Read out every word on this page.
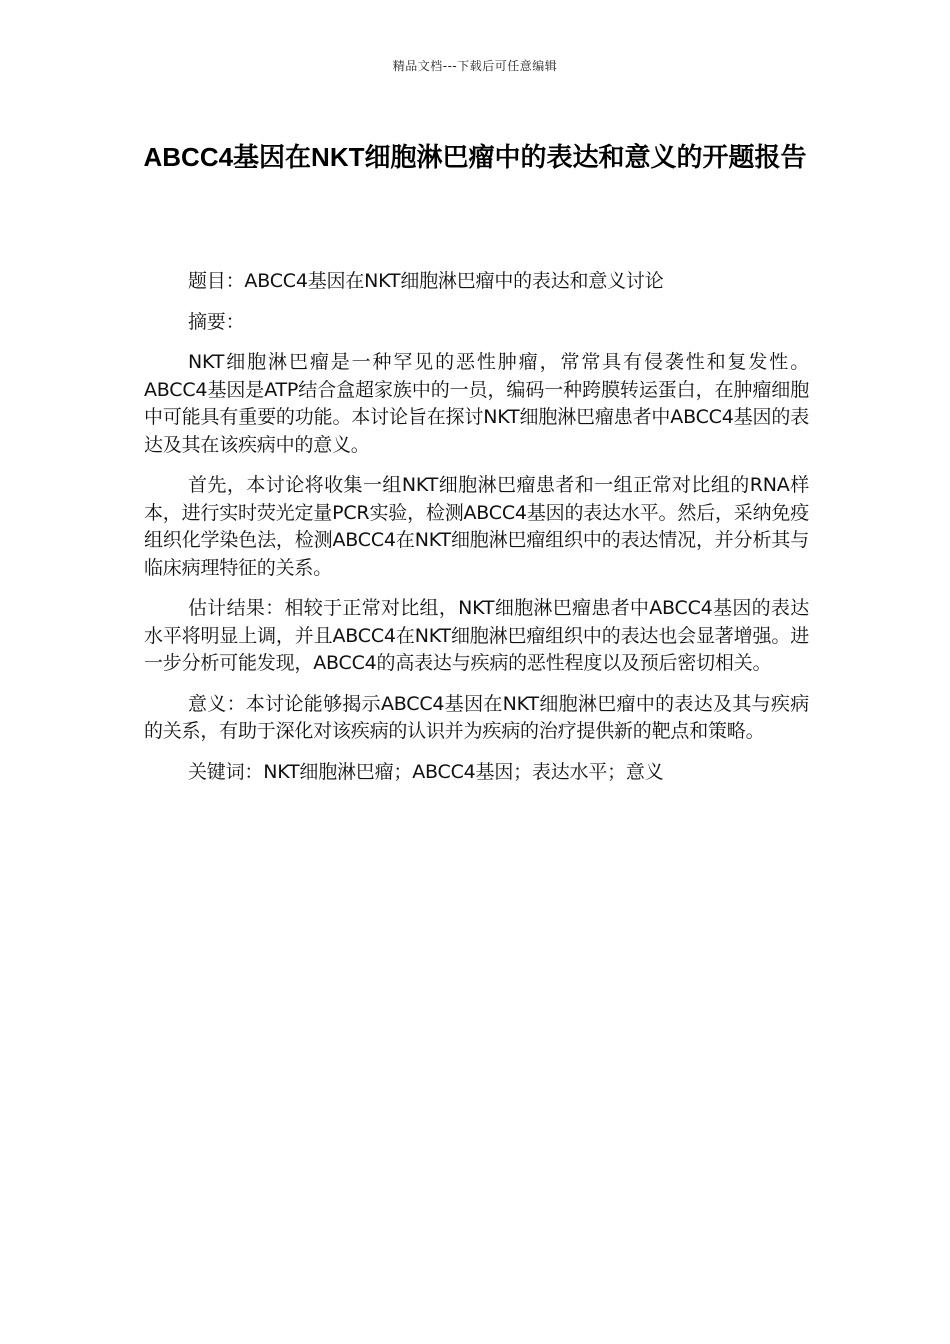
精品文档---下载后可任意编辑
ABCC4基因在NKT细胞淋巴瘤中的表达和意义的开题报告

题目：ABCC4基因在NKT细胞淋巴瘤中的表达和意义讨论

摘要：

NKT细胞淋巴瘤是一种罕见的恶性肿瘤，常常具有侵袭性和复发性。ABCC4基因是ATP结合盒超家族中的一员，编码一种跨膜转运蛋白，在肿瘤细胞中可能具有重要的功能。本讨论旨在探讨NKT细胞淋巴瘤患者中ABCC4基因的表达及其在该疾病中的意义。

首先，本讨论将收集一组NKT细胞淋巴瘤患者和一组正常对比组的RNA样本，进行实时荧光定量PCR实验，检测ABCC4基因的表达水平。然后，采纳免疫组织化学染色法，检测ABCC4在NKT细胞淋巴瘤组织中的表达情况，并分析其与临床病理特征的关系。

估计结果：相较于正常对比组，NKT细胞淋巴瘤患者中ABCC4基因的表达水平将明显上调，并且ABCC4在NKT细胞淋巴瘤组织中的表达也会显著增强。进一步分析可能发现，ABCC4的高表达与疾病的恶性程度以及预后密切相关。

意义：本讨论能够揭示ABCC4基因在NKT细胞淋巴瘤中的表达及其与疾病的关系，有助于深化对该疾病的认识并为疾病的治疗提供新的靶点和策略。

关键词：NKT细胞淋巴瘤；ABCC4基因；表达水平；意义
